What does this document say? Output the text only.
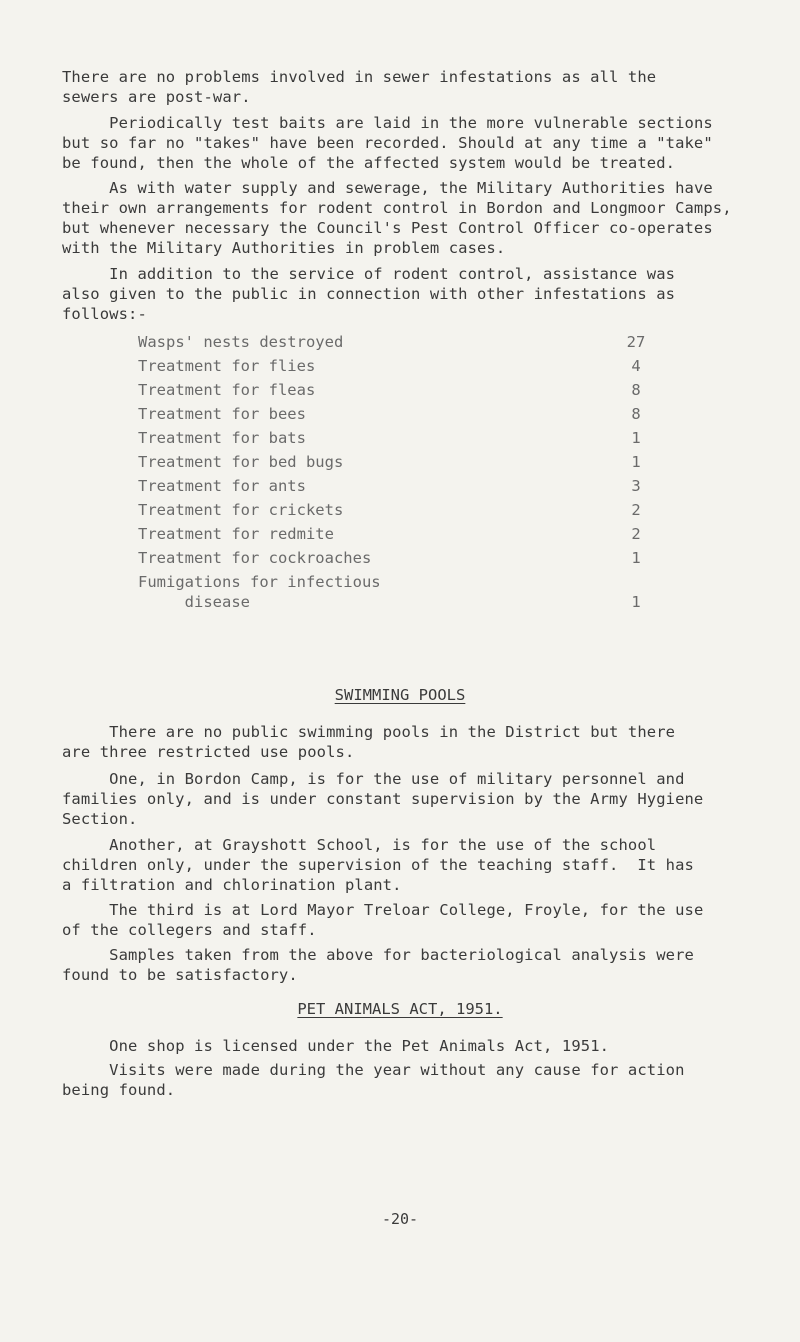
There are no problems involved in sewer infestations as all the
sewers are post-war.

Periodically test baits are laid in the more vulnerable sections
but so far no "takes" have been recorded. Should at any time a "take"
be found, then the whole of the affected system would be treated.

As with water supply and sewerage, the Military Authorities have
their own arrangements for rodent control in Bordon and Longmoor Camps,
but whenever necessary the Council's Pest Control Officer co-operates
with the Military Authorities in problem cases.

In addition to the service of rodent control, assistance was
also given to the public in connection with other infestations as
follows:-

Wasps' nests destroyed	27
Treatment for flies	4
Treatment for fleas	8
Treatment for bees	8
Treatment for bats	1
Treatment for bed bugs	1
Treatment for ants	3
Treatment for crickets	2
Treatment for redmite	2
Treatment for cockroaches	1
Fumigations for infectious
disease	1
SWIMMING POOLS

There are no public swimming pools in the District but there
are three restricted use pools.

One, in Bordon Camp, is for the use of military personnel and
families only, and is under constant supervision by the Army Hygiene
Section.

Another, at Grayshott School, is for the use of the school
children only, under the supervision of the teaching staff.  It has
a filtration and chlorination plant.

The third is at Lord Mayor Treloar College, Froyle, for the use
of the collegers and staff.

Samples taken from the above for bacteriological analysis were
found to be satisfactory.

PET ANIMALS ACT, 1951.

One shop is licensed under the Pet Animals Act, 1951.

Visits were made during the year without any cause for action
being found.

-20-
